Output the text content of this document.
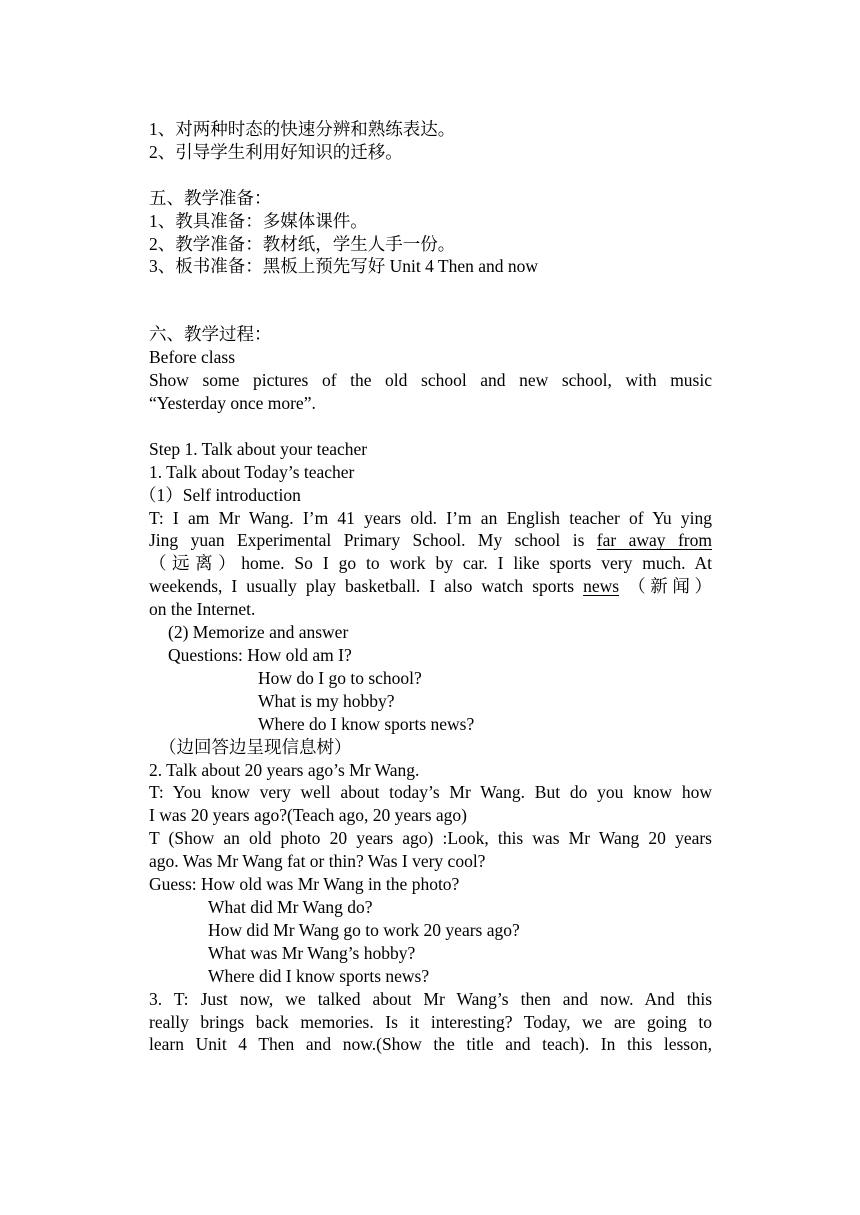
1、对两种时态的快速分辨和熟练表达。
2、引导学生利用好知识的迁移。
五、教学准备：
1、教具准备：多媒体课件。
2、教学准备：教材纸，学生人手一份。
3、板书准备：黑板上预先写好 Unit 4 Then and now
六、教学过程：
Before class
Show some pictures of the old school and new school, with music
“Yesterday once more”.
Step 1. Talk about your teacher
1. Talk about Today’s teacher
（1）Self introduction
T: I am Mr Wang. I’m 41 years old. I’m an English teacher of Yu ying
Jing yuan Experimental Primary School. My school is far away from
（远离）home. So I go to work by car. I like sports very much. At
weekends, I usually play basketball. I also watch sports news （新闻）
on the Internet.
(2) Memorize and answer
Questions: How old am I?
How do I go to school?
What is my hobby?
Where do I know sports news?
（边回答边呈现信息树）
2. Talk about 20 years ago’s Mr Wang.
T: You know very well about today’s Mr Wang. But do you know how
I was 20 years ago?(Teach ago, 20 years ago)
T (Show an old photo 20 years ago) :Look, this was Mr Wang 20 years
ago. Was Mr Wang fat or thin? Was I very cool?
Guess: How old was Mr Wang in the photo?
What did Mr Wang do?
How did Mr Wang go to work 20 years ago?
What was Mr Wang’s hobby?
Where did I know sports news?
3. T: Just now, we talked about Mr Wang’s then and now. And this
really brings back memories. Is it interesting? Today, we are going to
learn Unit 4 Then and now.(Show the title and teach). In this lesson,
